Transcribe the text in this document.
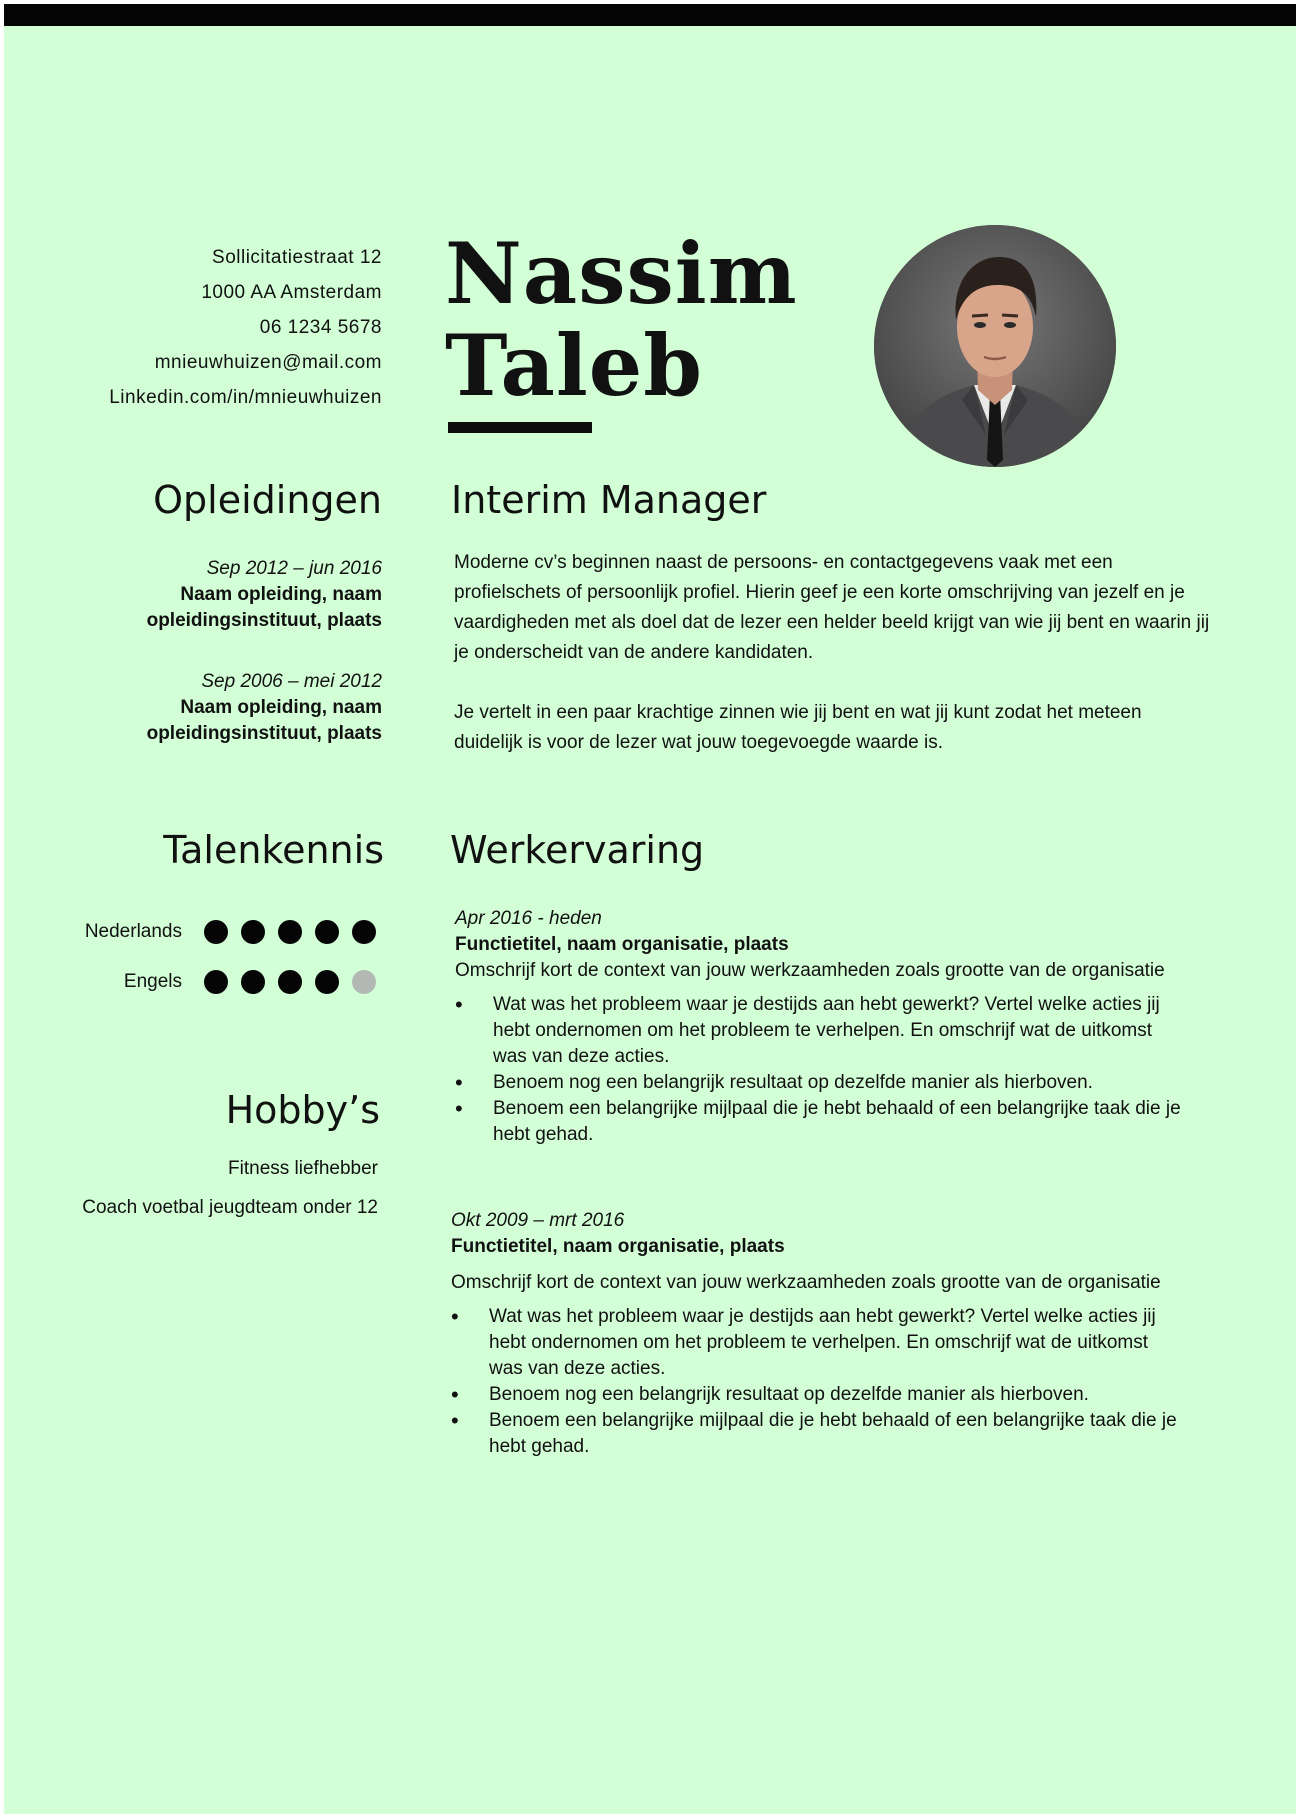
Sollicitatiestraat 12
1000 AA Amsterdam
06 1234 5678
mnieuwhuizen@mail.com
Linkedin.com/in/mnieuwhuizen
Nassim
Taleb
Opleidingen
Sep 2012 – jun 2016
Naam opleiding, naam
opleidingsinstituut, plaats
Sep 2006 – mei 2012
Naam opleiding, naam
opleidingsinstituut, plaats
Interim Manager

Moderne cv’s beginnen naast de persoons- en contactgegevens vaak met een profielschets of persoonlijk profiel. Hierin geef je een korte omschrijving van jezelf en je vaardigheden met als doel dat de lezer een helder beeld krijgt van wie jij bent en waarin jij je onderscheidt van de andere kandidaten.

Je vertelt in een paar krachtige zinnen wie jij bent en wat jij kunt zodat het meteen duidelijk is voor de lezer wat jouw toegevoegde waarde is.

Talenkennis
Nederlands
Engels
Hobby’s
Fitness liefhebber
Coach voetbal jeugdteam onder 12
Werkervaring
Apr 2016 - heden
Functietitel, naam organisatie, plaats
Omschrijf kort de context van jouw werkzaamheden zoals grootte van de organisatie
• Wat was het probleem waar je destijds aan hebt gewerkt? Vertel welke acties jij hebt ondernomen om het probleem te verhelpen. En omschrijf wat de uitkomst was van deze acties.
• Benoem nog een belangrijk resultaat op dezelfde manier als hierboven.
• Benoem een belangrijke mijlpaal die je hebt behaald of een belangrijke taak die je hebt gehad.
Okt 2009 – mrt 2016
Functietitel, naam organisatie, plaats
Omschrijf kort de context van jouw werkzaamheden zoals grootte van de organisatie
• Wat was het probleem waar je destijds aan hebt gewerkt? Vertel welke acties jij hebt ondernomen om het probleem te verhelpen. En omschrijf wat de uitkomst was van deze acties.
• Benoem nog een belangrijk resultaat op dezelfde manier als hierboven.
• Benoem een belangrijke mijlpaal die je hebt behaald of een belangrijke taak die je hebt gehad.
